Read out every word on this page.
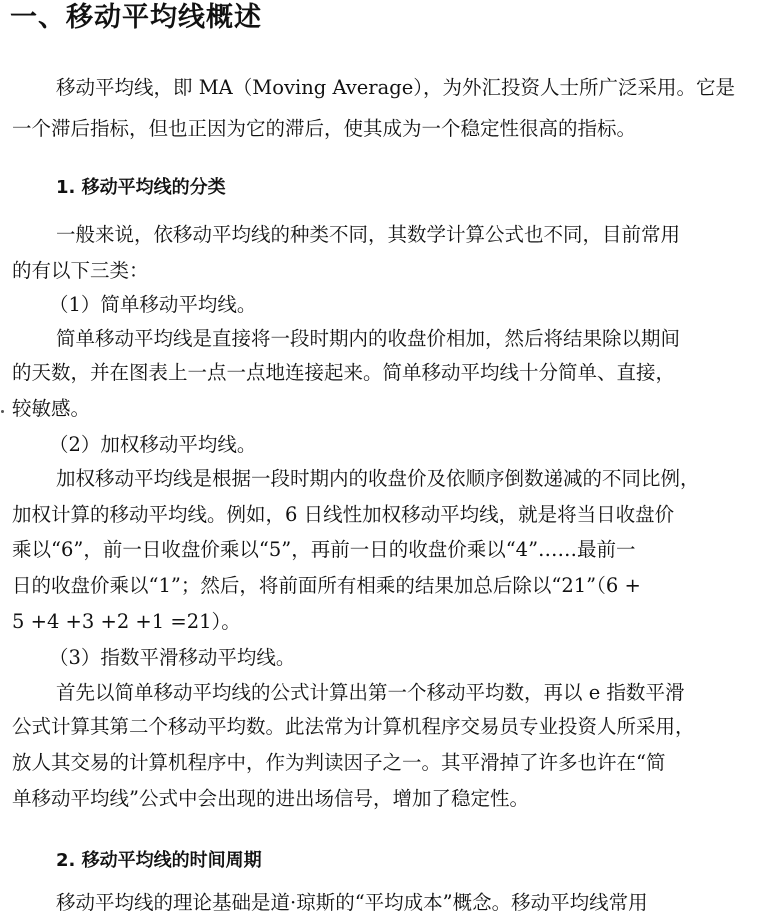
一、移动平均线概述
移动平均线，即 MA（Moving Average），为外汇投资人士所广泛采用。它是
一个滞后指标，但也正因为它的滞后，使其成为一个稳定性很高的指标。
1. 移动平均线的分类
一般来说，依移动平均线的种类不同，其数学计算公式也不同，目前常用
的有以下三类：
（1）简单移动平均线。
简单移动平均线是直接将一段时期内的收盘价相加，然后将结果除以期间
的天数，并在图表上一点一点地连接起来。简单移动平均线十分简单、直接，
较敏感。
（2）加权移动平均线。
加权移动平均线是根据一段时期内的收盘价及依顺序倒数递减的不同比例，
加权计算的移动平均线。例如，6 日线性加权移动平均线，就是将当日收盘价
乘以“6”，前一日收盘价乘以“5”，再前一日的收盘价乘以“4”……最前一
日的收盘价乘以“1”；然后，将前面所有相乘的结果加总后除以“21”（6 +
5 +4 +3 +2 +1 =21）。
（3）指数平滑移动平均线。
首先以简单移动平均线的公式计算出第一个移动平均数，再以 e 指数平滑
公式计算其第二个移动平均数。此法常为计算机程序交易员专业投资人所采用，
放人其交易的计算机程序中，作为判读因子之一。其平滑掉了许多也许在“简
单移动平均线”公式中会出现的进出场信号，增加了稳定性。
2. 移动平均线的时间周期
移动平均线的理论基础是道·琼斯的“平均成本”概念。移动平均线常用
